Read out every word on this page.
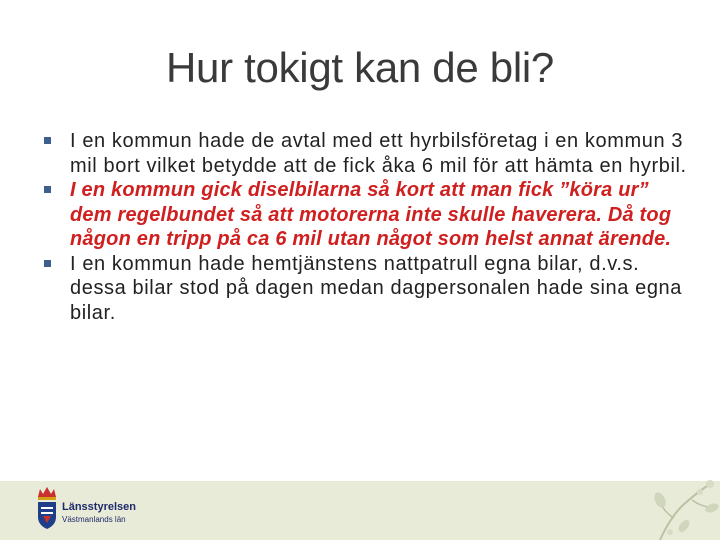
Hur tokigt kan de bli?
I en kommun hade de avtal med ett hyrbilsföretag i en kommun 3 mil bort vilket betydde att de fick åka 6 mil för att hämta en hyrbil.
I en kommun gick diselbilarna så kort att man fick ”köra ur” dem regelbundet så att motorerna inte skulle haverera. Då tog någon en tripp på ca 6 mil utan något som helst annat ärende.
I en kommun hade hemtjänstens nattpatrull egna bilar, d.v.s. dessa bilar stod på dagen medan dagpersonalen hade sina egna bilar.
Länsstyrelsen
Västmanlands län
